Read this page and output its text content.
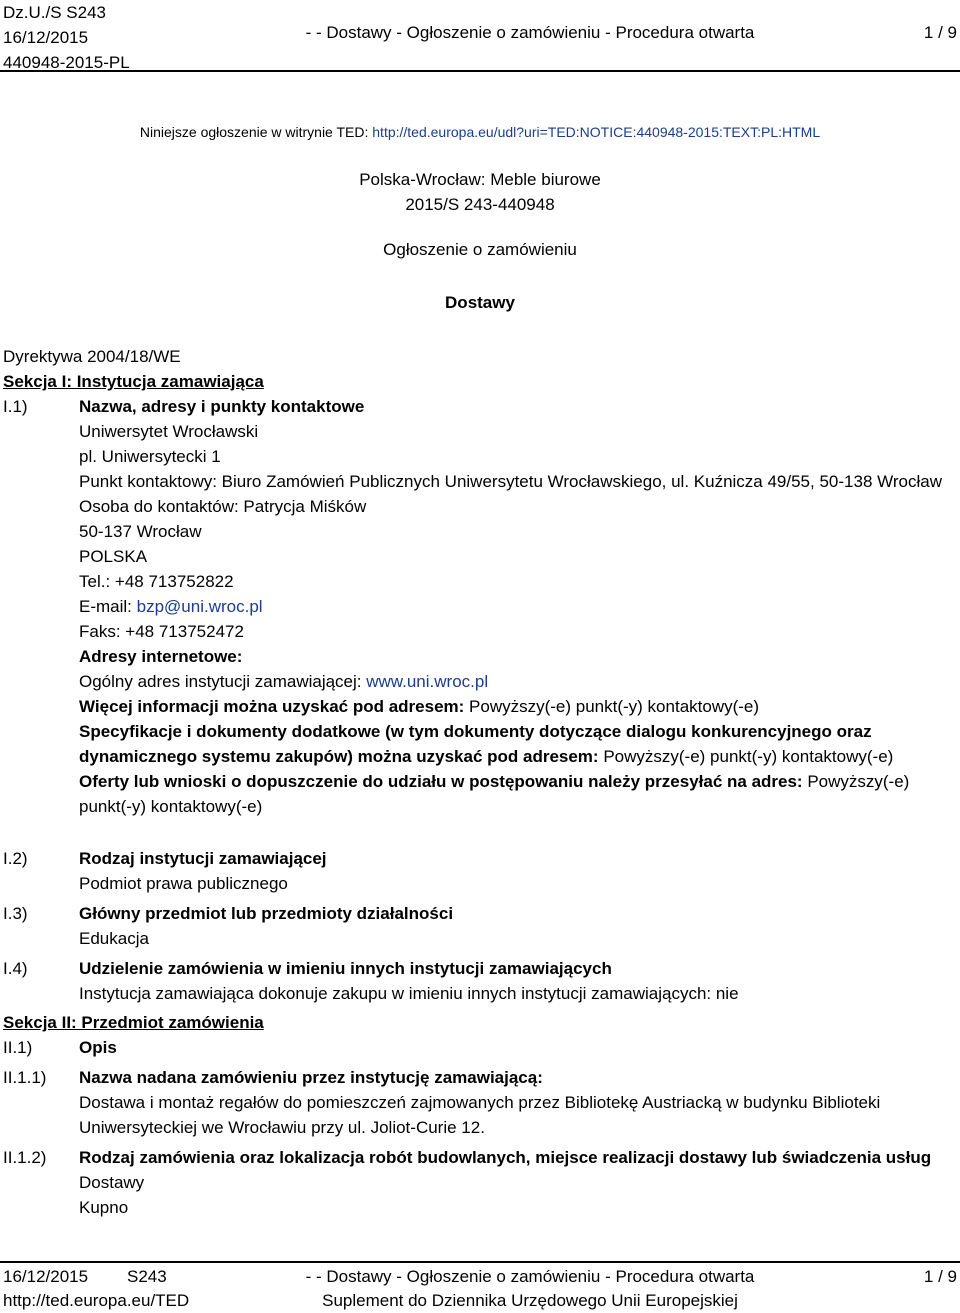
Dz.U./S S243
16/12/2015
440948-2015-PL
- - Dostawy - Ogłoszenie o zamówieniu - Procedura otwarta	1 / 9
Niniejsze ogłoszenie w witrynie TED: http://ted.europa.eu/udl?uri=TED:NOTICE:440948-2015:TEXT:PL:HTML
Polska-Wrocław: Meble biurowe
2015/S 243-440948
Ogłoszenie o zamówieniu
Dostawy
Dyrektywa 2004/18/WE
Sekcja I: Instytucja zamawiająca
I.1)	Nazwa, adresy i punkty kontaktowe
Uniwersytet Wrocławski
pl. Uniwersytecki 1
Punkt kontaktowy: Biuro Zamówień Publicznych Uniwersytetu Wrocławskiego, ul. Kuźnicza 49/55, 50-138 Wrocław
Osoba do kontaktów: Patrycja Miśków
50-137 Wrocław
POLSKA
Tel.: +48 713752822
E-mail: bzp@uni.wroc.pl
Faks: +48 713752472
Adresy internetowe:
Ogólny adres instytucji zamawiającej: www.uni.wroc.pl
Więcej informacji można uzyskać pod adresem: Powyższy(-e) punkt(-y) kontaktowy(-e)
Specyfikacje i dokumenty dodatkowe (w tym dokumenty dotyczące dialogu konkurencyjnego oraz dynamicznego systemu zakupów) można uzyskać pod adresem: Powyższy(-e) punkt(-y) kontaktowy(-e)
Oferty lub wnioski o dopuszczenie do udziału w postępowaniu należy przesyłać na adres: Powyższy(-e) punkt(-y) kontaktowy(-e)
I.2)	Rodzaj instytucji zamawiającej
Podmiot prawa publicznego
I.3)	Główny przedmiot lub przedmioty działalności
Edukacja
I.4)	Udzielenie zamówienia w imieniu innych instytucji zamawiających
Instytucja zamawiająca dokonuje zakupu w imieniu innych instytucji zamawiających: nie
Sekcja II: Przedmiot zamówienia
II.1)	Opis
II.1.1) Nazwa nadana zamówieniu przez instytucję zamawiającą:
Dostawa i montaż regałów do pomieszczeń zajmowanych przez Bibliotekę Austriacką w budynku Biblioteki Uniwersyteckiej we Wrocławiu przy ul. Joliot-Curie 12.
II.1.2) Rodzaj zamówienia oraz lokalizacja robót budowlanych, miejsce realizacji dostawy lub świadczenia usług
Dostawy
Kupno
16/12/2015 S243	- - Dostawy - Ogłoszenie o zamówieniu - Procedura otwarta	1 / 9
http://ted.europa.eu/TED	Suplement do Dziennika Urzędowego Unii Europejskiej
